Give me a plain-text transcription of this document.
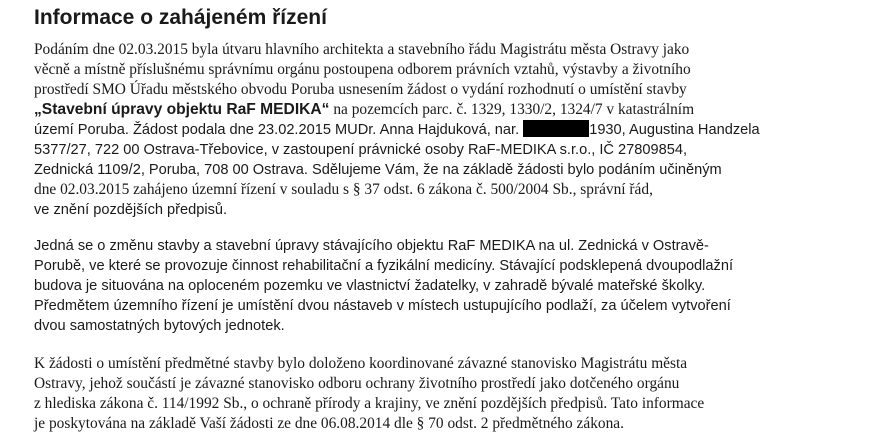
Informace o zahájeném řízení
Podáním dne 02.03.2015 byla útvaru hlavního architekta a stavebního řádu Magistrátu města Ostravy jako
věcně a místně příslušnému správnímu orgánu postoupena odborem právních vztahů, výstavby a životního
prostředí SMO Úřadu městského obvodu Poruba usnesením žádost o vydání rozhodnutí o umístění stavby
„Stavební úpravy objektu RaF MEDIKA“ na pozemcích parc. č. 1329, 1330/2, 1324/7 v katastrálním
území Poruba. Žádost podala dne 23.02.2015 MUDr. Anna Hajduková, nar.	1930, Augustina Handzela
5377/27, 722 00 Ostrava-Třebovice, v zastoupení právnické osoby RaF-MEDIKA s.r.o., IČ 27809854,
Zednická 1109/2, Poruba, 708 00 Ostrava. Sdělujeme Vám, že na základě žádosti bylo podáním učiněným
dne 02.03.2015 zahájeno územní řízení v souladu s § 37 odst. 6 zákona č. 500/2004 Sb., správní řád,
ve znění pozdějších předpisů.
Jedná se o změnu stavby a stavební úpravy stávajícího objektu RaF MEDIKA na ul. Zednická v Ostravě-
Porubě, ve které se provozuje činnost rehabilitační a fyzikální medicíny. Stávající podsklepená dvoupodlažní
budova je situována na oploceném pozemku ve vlastnictví žadatelky, v zahradě bývalé mateřské školky.
Předmětem územního řízení je umístění dvou nástaveb v místech ustupujícího podlaží, za účelem vytvoření
dvou samostatných bytových jednotek.
K žádosti o umístění předmětné stavby bylo doloženo koordinované závazné stanovisko Magistrátu města
Ostravy, jehož součástí je závazné stanovisko odboru ochrany životního prostředí jako dotčeného orgánu
z hlediska zákona č. 114/1992 Sb., o ochraně přírody a krajiny, ve znění pozdějších předpisů. Tato informace
je poskytována na základě Vaší žádosti ze dne 06.08.2014 dle § 70 odst. 2 předmětného zákona.
